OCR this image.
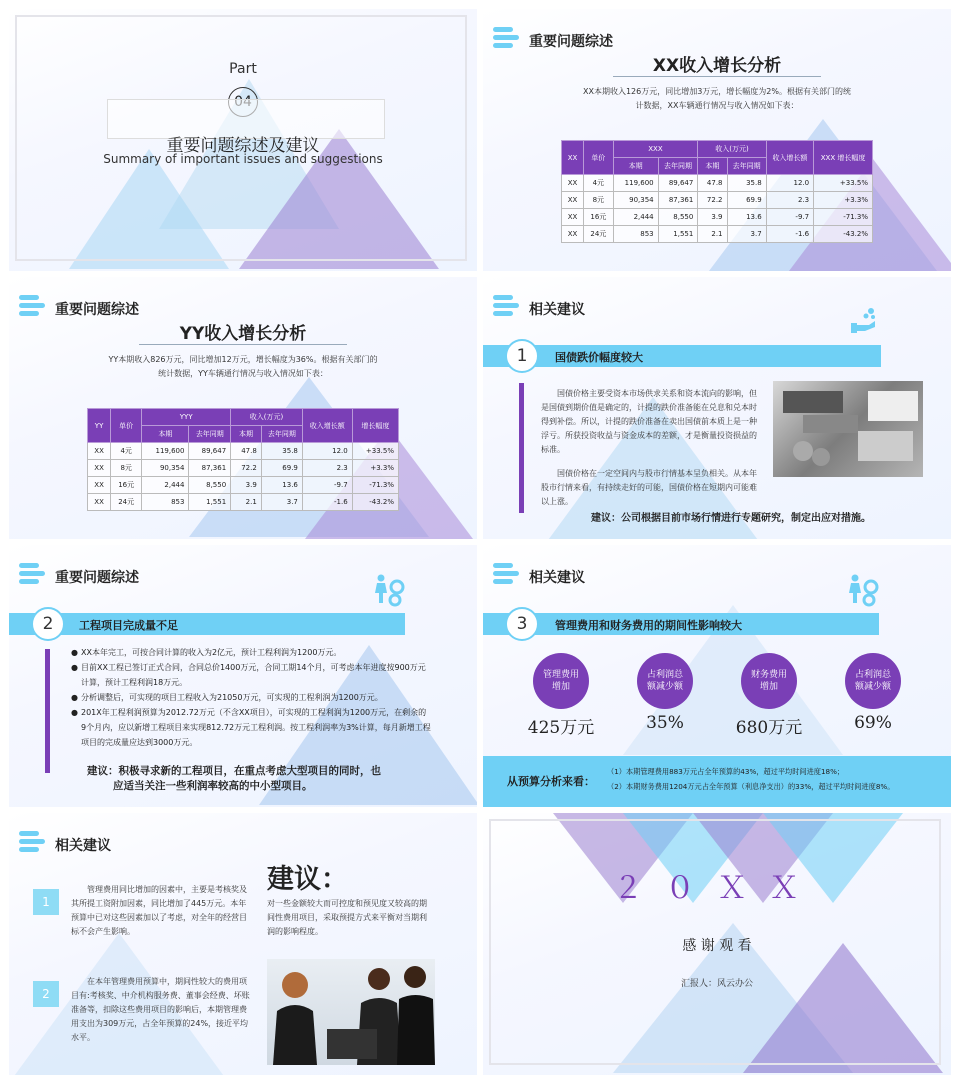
Part
重要问题综述及建议
Summary of important issues and suggestions
重要问题综述
XX收入增长分析
XX本期收入126万元，同比增加3万元，增长幅度为2%。根据有关部门的统
计数据，XX车辆通行情况与收入情况如下表：
XX	单价	XXX		收入(万元)		收入增长额	XXX 增长幅度
		本期	去年同期	本期	去年同期		
XX	4元	119,600	89,647	47.8	35.8	12.0	+33.5%
XX	8元	90,354	87,361	72.2	69.9	2.3	+3.3%
XX	16元	2,444	8,550	3.9	13.6	-9.7	-71.3%
XX	24元	853	1,551	2.1	3.7	-1.6	-43.2%
重要问题综述
YY收入增长分析
YY本期收入826万元，同比增加12万元，增长幅度为36%。根据有关部门的
统计数据，YY车辆通行情况与收入情况如下表：
YY	单价	YYY		收入(万元)		收入增长额	增长幅度
		本期	去年同期	本期	去年同期		
XX	4元	119,600	89,647	47.8	35.8	12.0	+33.5%
XX	8元	90,354	87,361	72.2	69.9	2.3	+3.3%
XX	16元	2,444	8,550	3.9	13.6	-9.7	-71.3%
XX	24元	853	1,551	2.1	3.7	-1.6	-43.2%
相关建议
1	国债跌价幅度较大
国债价格主要受资本市场供求关系和资本流向的影响，但是国债到期价值是确定的，计提的跌价准备能在兑息和兑本时得到补偿。所以，计提的跌价准备在卖出国债前本质上是一种浮亏。所获投资收益与资金成本的差额，才是衡量投资损益的标准。
国债价格在一定空间内与股市行情基本呈负相关。从本年股市行情来看，有持续走好的可能，国债价格在短期内可能难以上涨。
建议：公司根据目前市场行情进行专题研究，制定出应对措施。
重要问题综述
2	工程项目完成量不足
● XX本年完工，可按合同计算的收入为2亿元，预计工程利润为1200万元。
● 目前XX工程已签订正式合同，合同总价1400万元，合同工期14个月，可考虑本年进度按900万元计算，预计工程利润18万元。
● 分析调整后，可实现的项目工程收入为21050万元，可实现的工程利润为1200万元。
● 201X年工程利润预算为2012.72万元（不含XX项目），可实现的工程利润为1200万元，在剩余的9个月内，应以新增工程项目来实现812.72万元工程利润。按工程利润率为3%计算，每月新增工程项目的完成量应达到3000万元。
建议：积极寻求新的工程项目，在重点考虑大型项目的同时，也
应适当关注一些利润率较高的中小型项目。
相关建议
3	管理费用和财务费用的期间性影响较大
管理费用增加
占利润总额减少额
财务费用增加
占利润总额减少额
425万元	35%	680万元	69%
从预算分析来看：
（1）本期管理费用883万元占全年预算的43%，超过平均时间进度18%；
（2）本期财务费用1204万元占全年预算（利息净支出）的33%，超过平均时间进度8%。
相关建议
1
管理费用同比增加的因素中，主要是考核奖及其所提工资附加因素，同比增加了445万元。本年预算中已对这些因素加以了考虑，对全年的经营目标不会产生影响。
2
在本年管理费用预算中，期间性较大的费用项目有:考核奖、中介机构服务费、董事会经费、坏账准备等，扣除这些费用项目的影响后，本期管理费用支出为309万元，占全年预算的24%，接近平均水平。
建议：
对一些金额较大而可控度和预见度又较高的期间性费用项目，采取预提方式来平衡对当期利润的影响程度。
２０ＸＸ
感 谢 观 看
汇报人：风云办公
